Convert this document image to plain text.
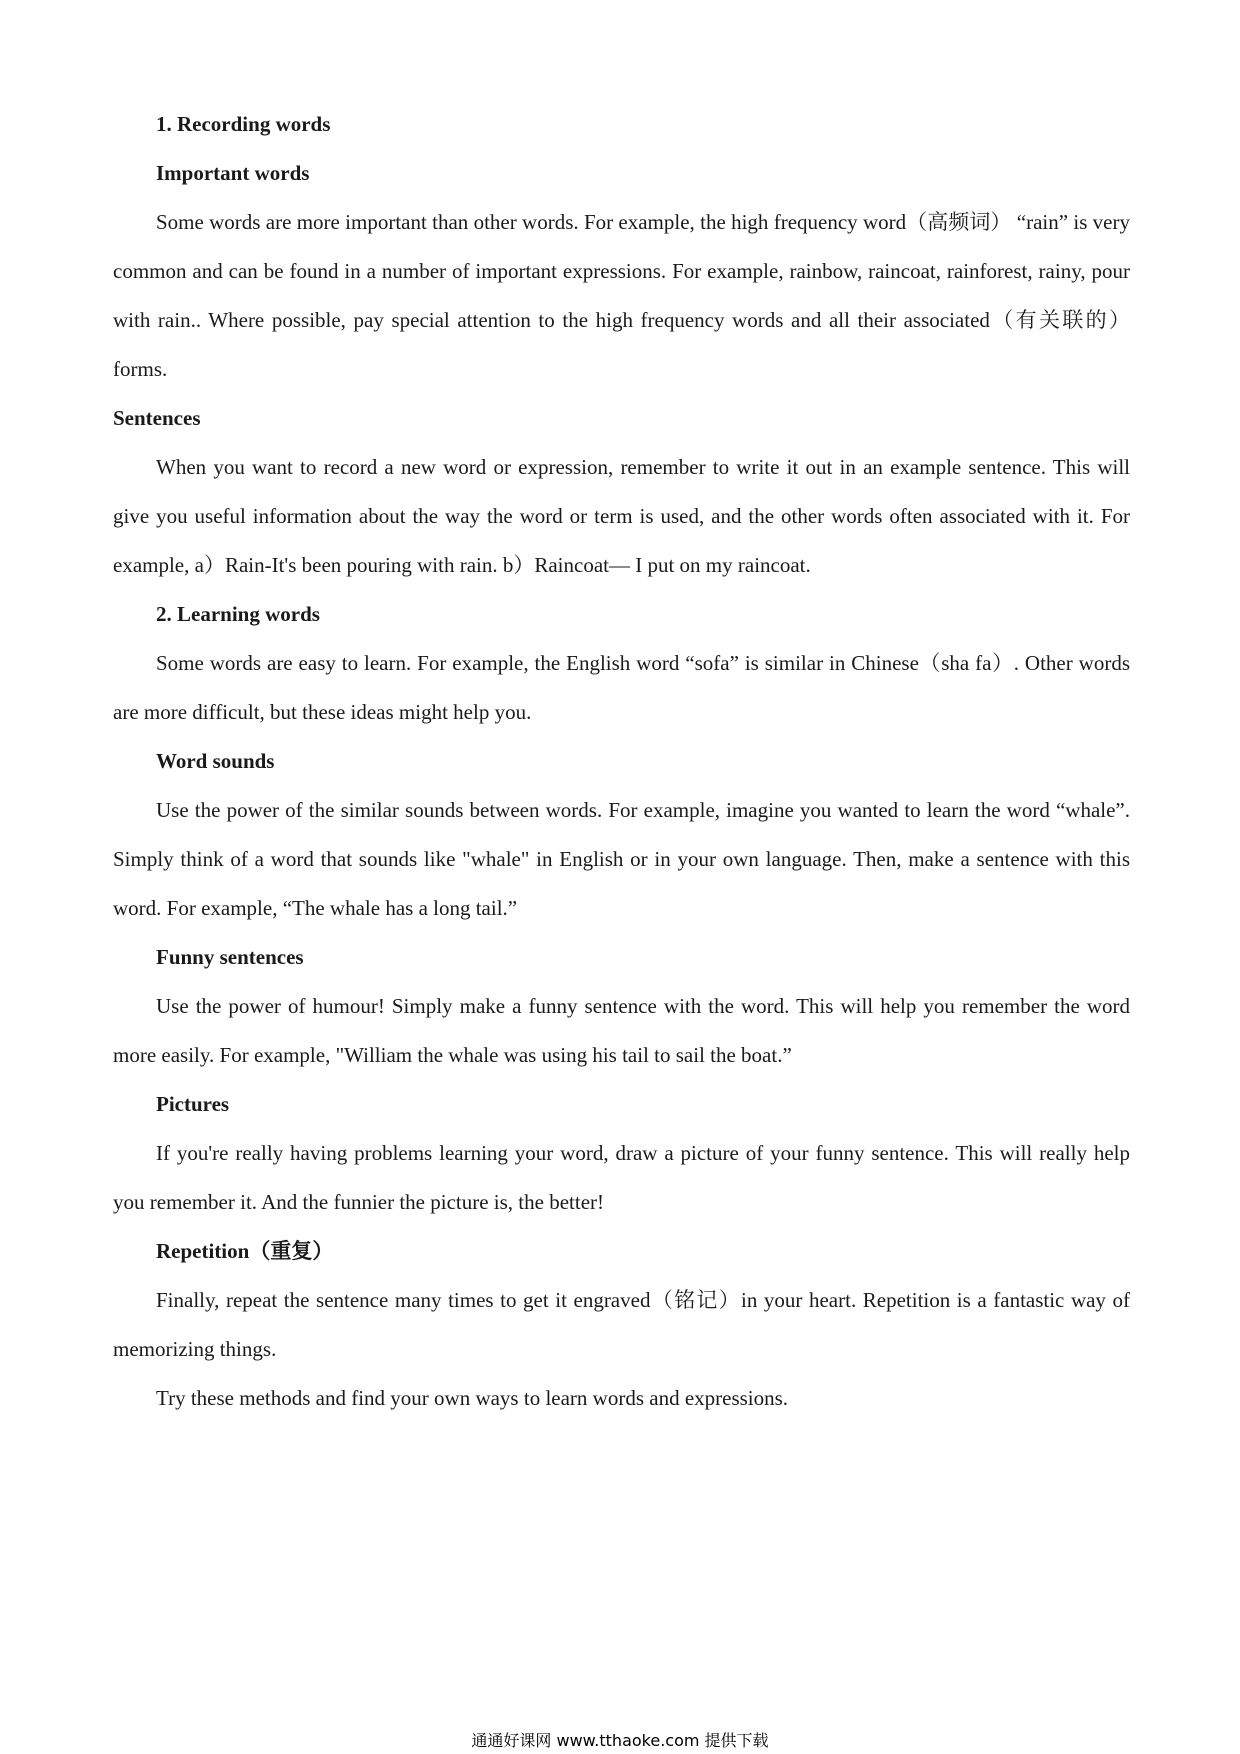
1. Recording words

Important words

Some words are more important than other words. For example, the high frequency word（高频词） “rain” is very common and can be found in a number of important expressions. For example, rainbow, raincoat, rainforest, rainy, pour with rain.. Where possible, pay special attention to the high frequency words and all their associated（有关联的）forms.

Sentences

When you want to record a new word or expression, remember to write it out in an example sentence. This will give you useful information about the way the word or term is used, and the other words often associated with it. For example, a）Rain-It's been pouring with rain. b）Raincoat— I put on my raincoat.

2. Learning words

Some words are easy to learn. For example, the English word “sofa” is similar in Chinese（sha fa）. Other words are more difficult, but these ideas might help you.

Word sounds

Use the power of the similar sounds between words. For example, imagine you wanted to learn the word “whale”. Simply think of a word that sounds like "whale" in English or in your own language. Then, make a sentence with this word. For example, “The whale has a long tail.”

Funny sentences

Use the power of humour! Simply make a funny sentence with the word. This will help you remember the word more easily. For example, "William the whale was using his tail to sail the boat.”

Pictures

If you're really having problems learning your word, draw a picture of your funny sentence. This will really help you remember it. And the funnier the picture is, the better!

Repetition（重复）

Finally, repeat the sentence many times to get it engraved（铭记）in your heart. Repetition is a fantastic way of memorizing things.

Try these methods and find your own ways to learn words and expressions.

通通好课网 www.tthaoke.com 提供下载
